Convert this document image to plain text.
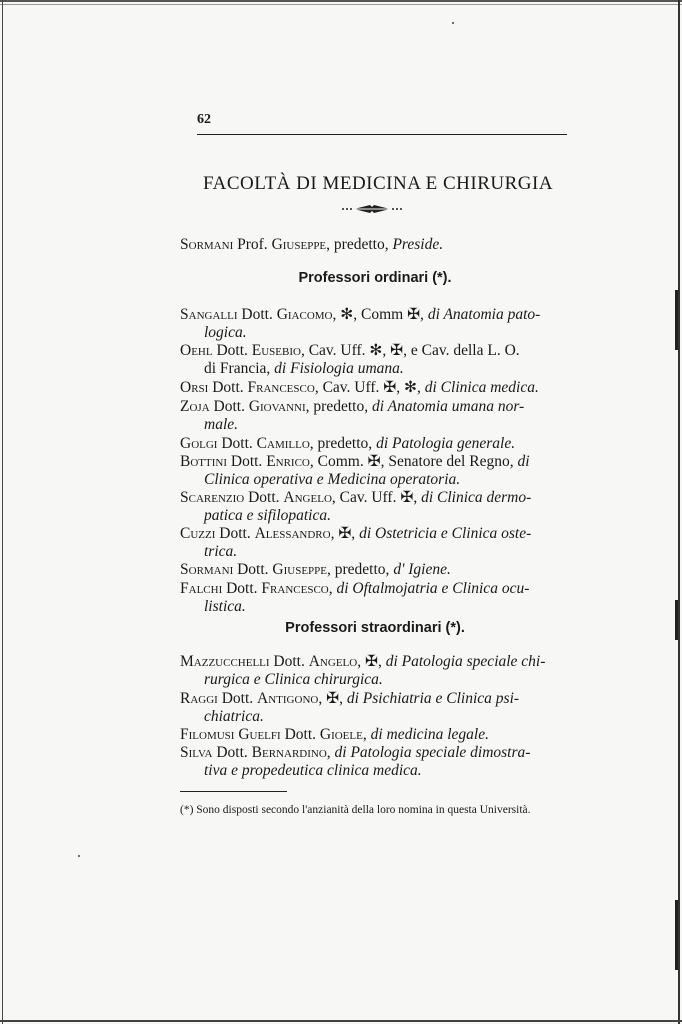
62
FACOLTÀ DI MEDICINA E CHIRURGIA
Sormani Prof. Giuseppe, predetto, Preside.
Professori ordinari (*).
Sangalli Dott. Giacomo, ✻, Comm ✠, di Anatomia pato-
logica.
Oehl Dott. Eusebio, Cav. Uff. ✻, ✠, e Cav. della L. O.
di Francia, di Fisiologia umana.
Orsi Dott. Francesco, Cav. Uff. ✠, ✻, di Clinica medica.
Zoja Dott. Giovanni, predetto, di Anatomia umana nor-
male.
Golgi Dott. Camillo, predetto, di Patologia generale.
Bottini Dott. Enrico, Comm. ✠, Senatore del Regno, di
Clinica operativa e Medicina operatoria.
Scarenzio Dott. Angelo, Cav. Uff. ✠, di Clinica dermo-
patica e sifilopatica.
Cuzzi Dott. Alessandro, ✠, di Ostetricia e Clinica oste-
trica.
Sormani Dott. Giuseppe, predetto, d' Igiene.
Falchi Dott. Francesco, di Oftalmojatria e Clinica ocu-
listica.
Professori straordinari (*).
Mazzucchelli Dott. Angelo, ✠, di Patologia speciale chi-
rurgica e Clinica chirurgica.
Raggi Dott. Antigono, ✠, di Psichiatria e Clinica psi-
chiatrica.
Filomusi Guelfi Dott. Gioele, di medicina legale.
Silva Dott. Bernardino, di Patologia speciale dimostra-
tiva e propedeutica clinica medica.
(*) Sono disposti secondo l'anzianità della loro nomina in questa Università.
